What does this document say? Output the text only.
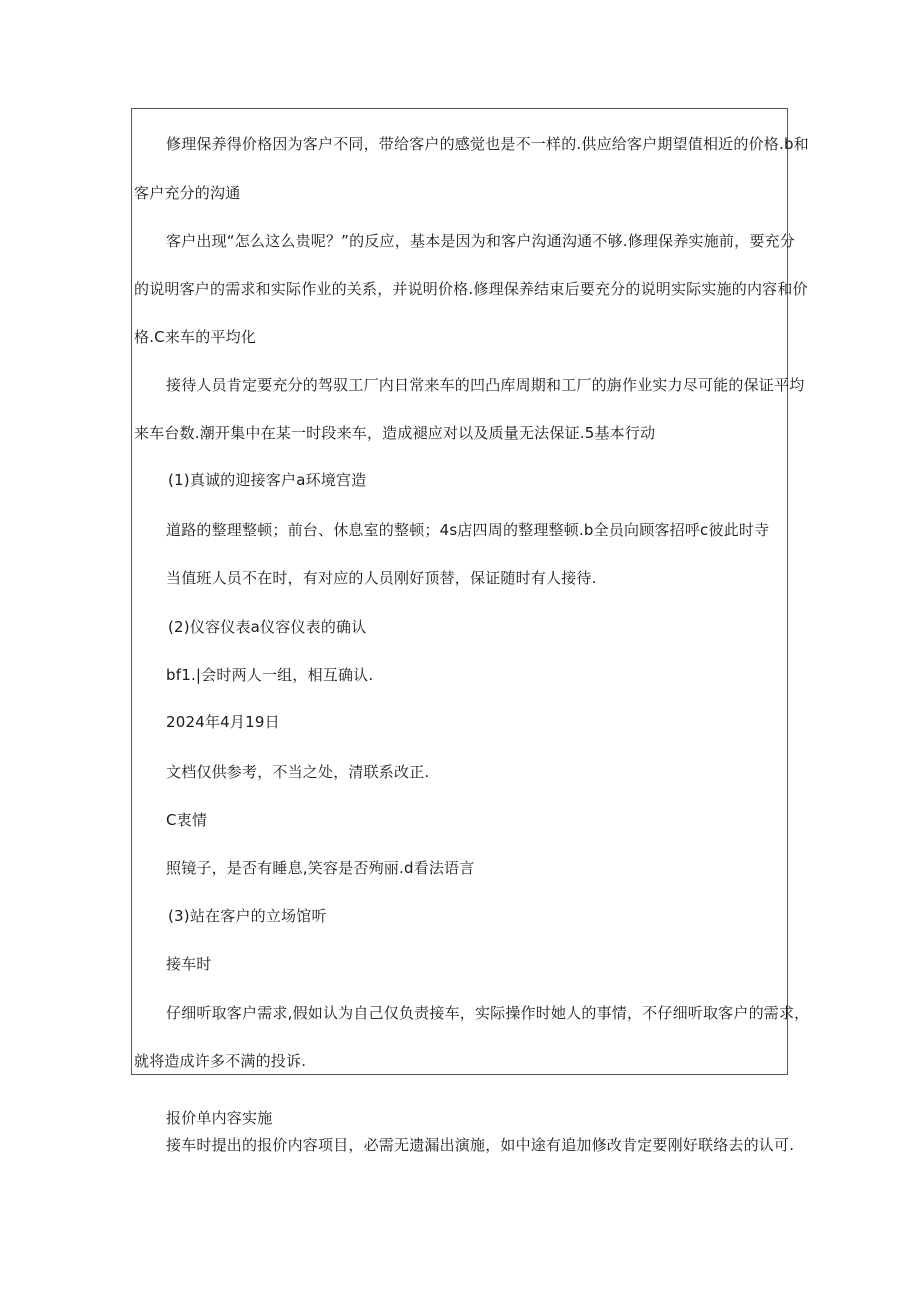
修理保养得价格因为客户不同，带给客户的感觉也是不一样的.供应给客户期望值相近的价格.b和
客户充分的沟通
客户出现“怎么这么贵呢？”的反应，基本是因为和客户沟通沟通不够.修理保养实施前，要充分
的说明客户的需求和实际作业的关系，并说明价格.修理保养结束后要充分的说明实际实施的内容和价
格.C来车的平均化
接待人员肯定要充分的驾驭工厂内日常来车的凹凸库周期和工厂的旃作业实力尽可能的保证平均
来车台数.潮开集中在某一时段来车，造成褪应对以及质量无法保证.5基本行动
(1)真诚的迎接客户a环境宫造
道路的整理整顿；前台、休息室的整顿；4s店四周的整理整顿.b全员向顾客招呼c彼此时寺
当值班人员不在时，有对应的人员刚好顶替，保证随时有人接待.
(2)仪容仪表a仪容仪表的确认
bf1.|会时两人一组，相互确认.
2024年4月19日
文档仅供参考，不当之处，清联系改正.
C衷情
照镜子，是否有睡息,笑容是否殉丽.d看法语言
(3)站在客户的立场馆听
接车时
仔细听取客户需求,假如认为自己仅负责接车，实际操作时她人的事情，不仔细听取客户的需求，
就将造成许多不满的投诉.
报价单内容实施
接车时提出的报价内容项目，必需无遗漏出演施，如中途有追加修改肯定要刚好联络去的认可.
